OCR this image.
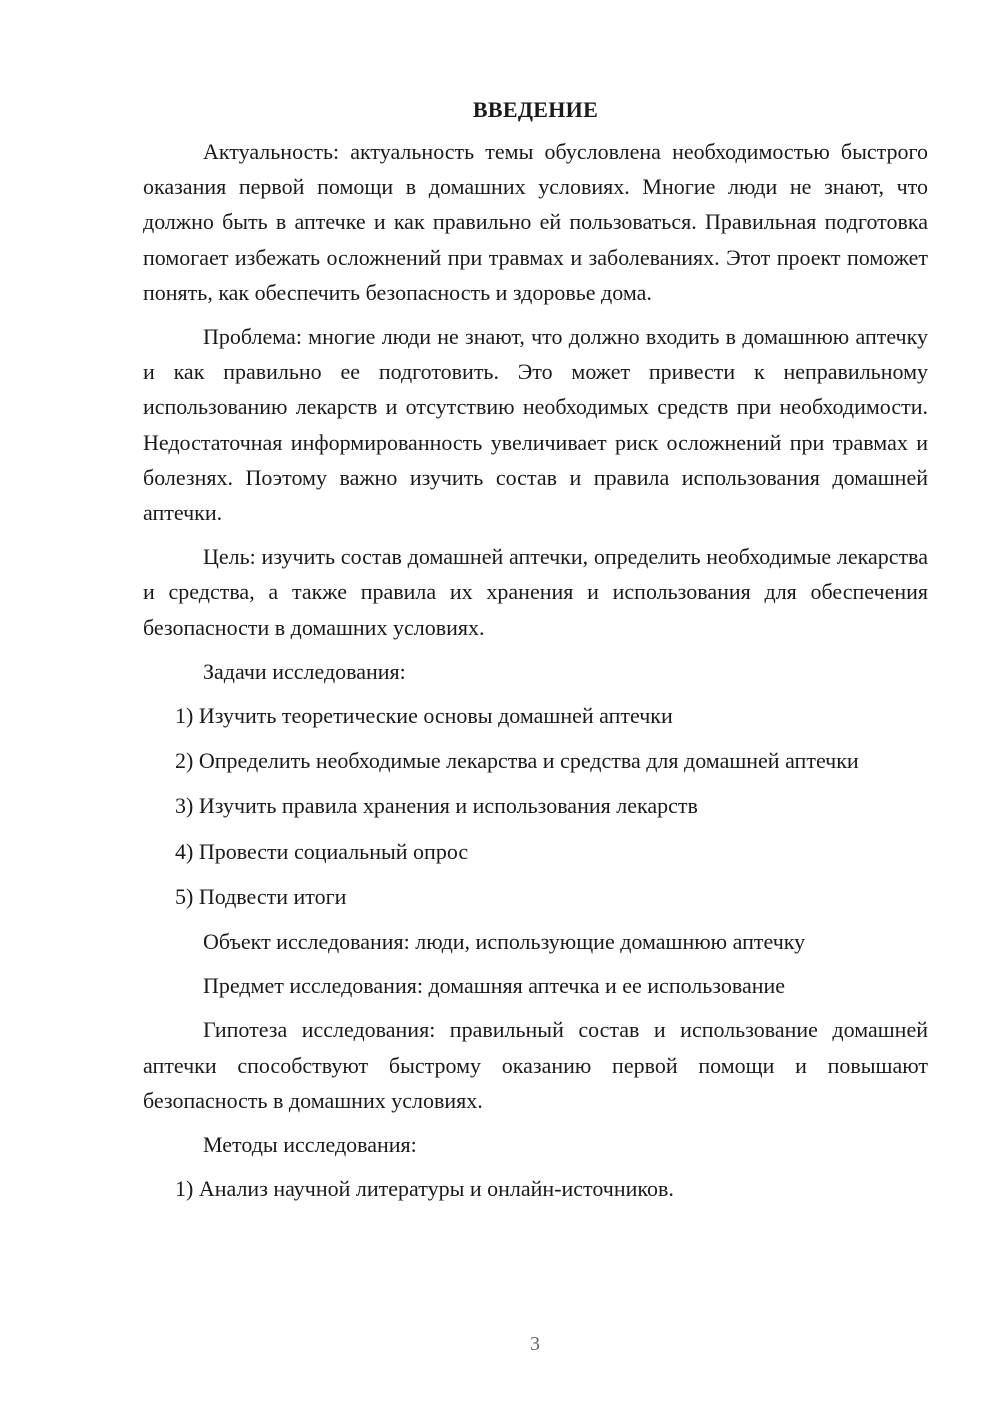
ВВЕДЕНИЕ

Актуальность: актуальность темы обусловлена необходимостью быстрого оказания первой помощи в домашних условиях. Многие люди не знают, что должно быть в аптечке и как правильно ей пользоваться. Правильная подготовка помогает избежать осложнений при травмах и заболеваниях. Этот проект поможет понять, как обеспечить безопасность и здоровье дома.

Проблема: многие люди не знают, что должно входить в домашнюю аптечку и как правильно ее подготовить. Это может привести к неправильному использованию лекарств и отсутствию необходимых средств при необходимости. Недостаточная информированность увеличивает риск осложнений при травмах и болезнях. Поэтому важно изучить состав и правила использования домашней аптечки.

Цель: изучить состав домашней аптечки, определить необходимые лекарства и средства, а также правила их хранения и использования для обеспечения безопасности в домашних условиях.

Задачи исследования:

1) Изучить теоретические основы домашней аптечки

2) Определить необходимые лекарства и средства для домашней аптечки

3) Изучить правила хранения и использования лекарств

4) Провести социальный опрос

5) Подвести итоги

Объект исследования: люди, использующие домашнюю аптечку

Предмет исследования: домашняя аптечка и ее использование

Гипотеза исследования: правильный состав и использование домашней аптечки способствуют быстрому оказанию первой помощи и повышают безопасность в домашних условиях.

Методы исследования:

1) Анализ научной литературы и онлайн-источников.

3
